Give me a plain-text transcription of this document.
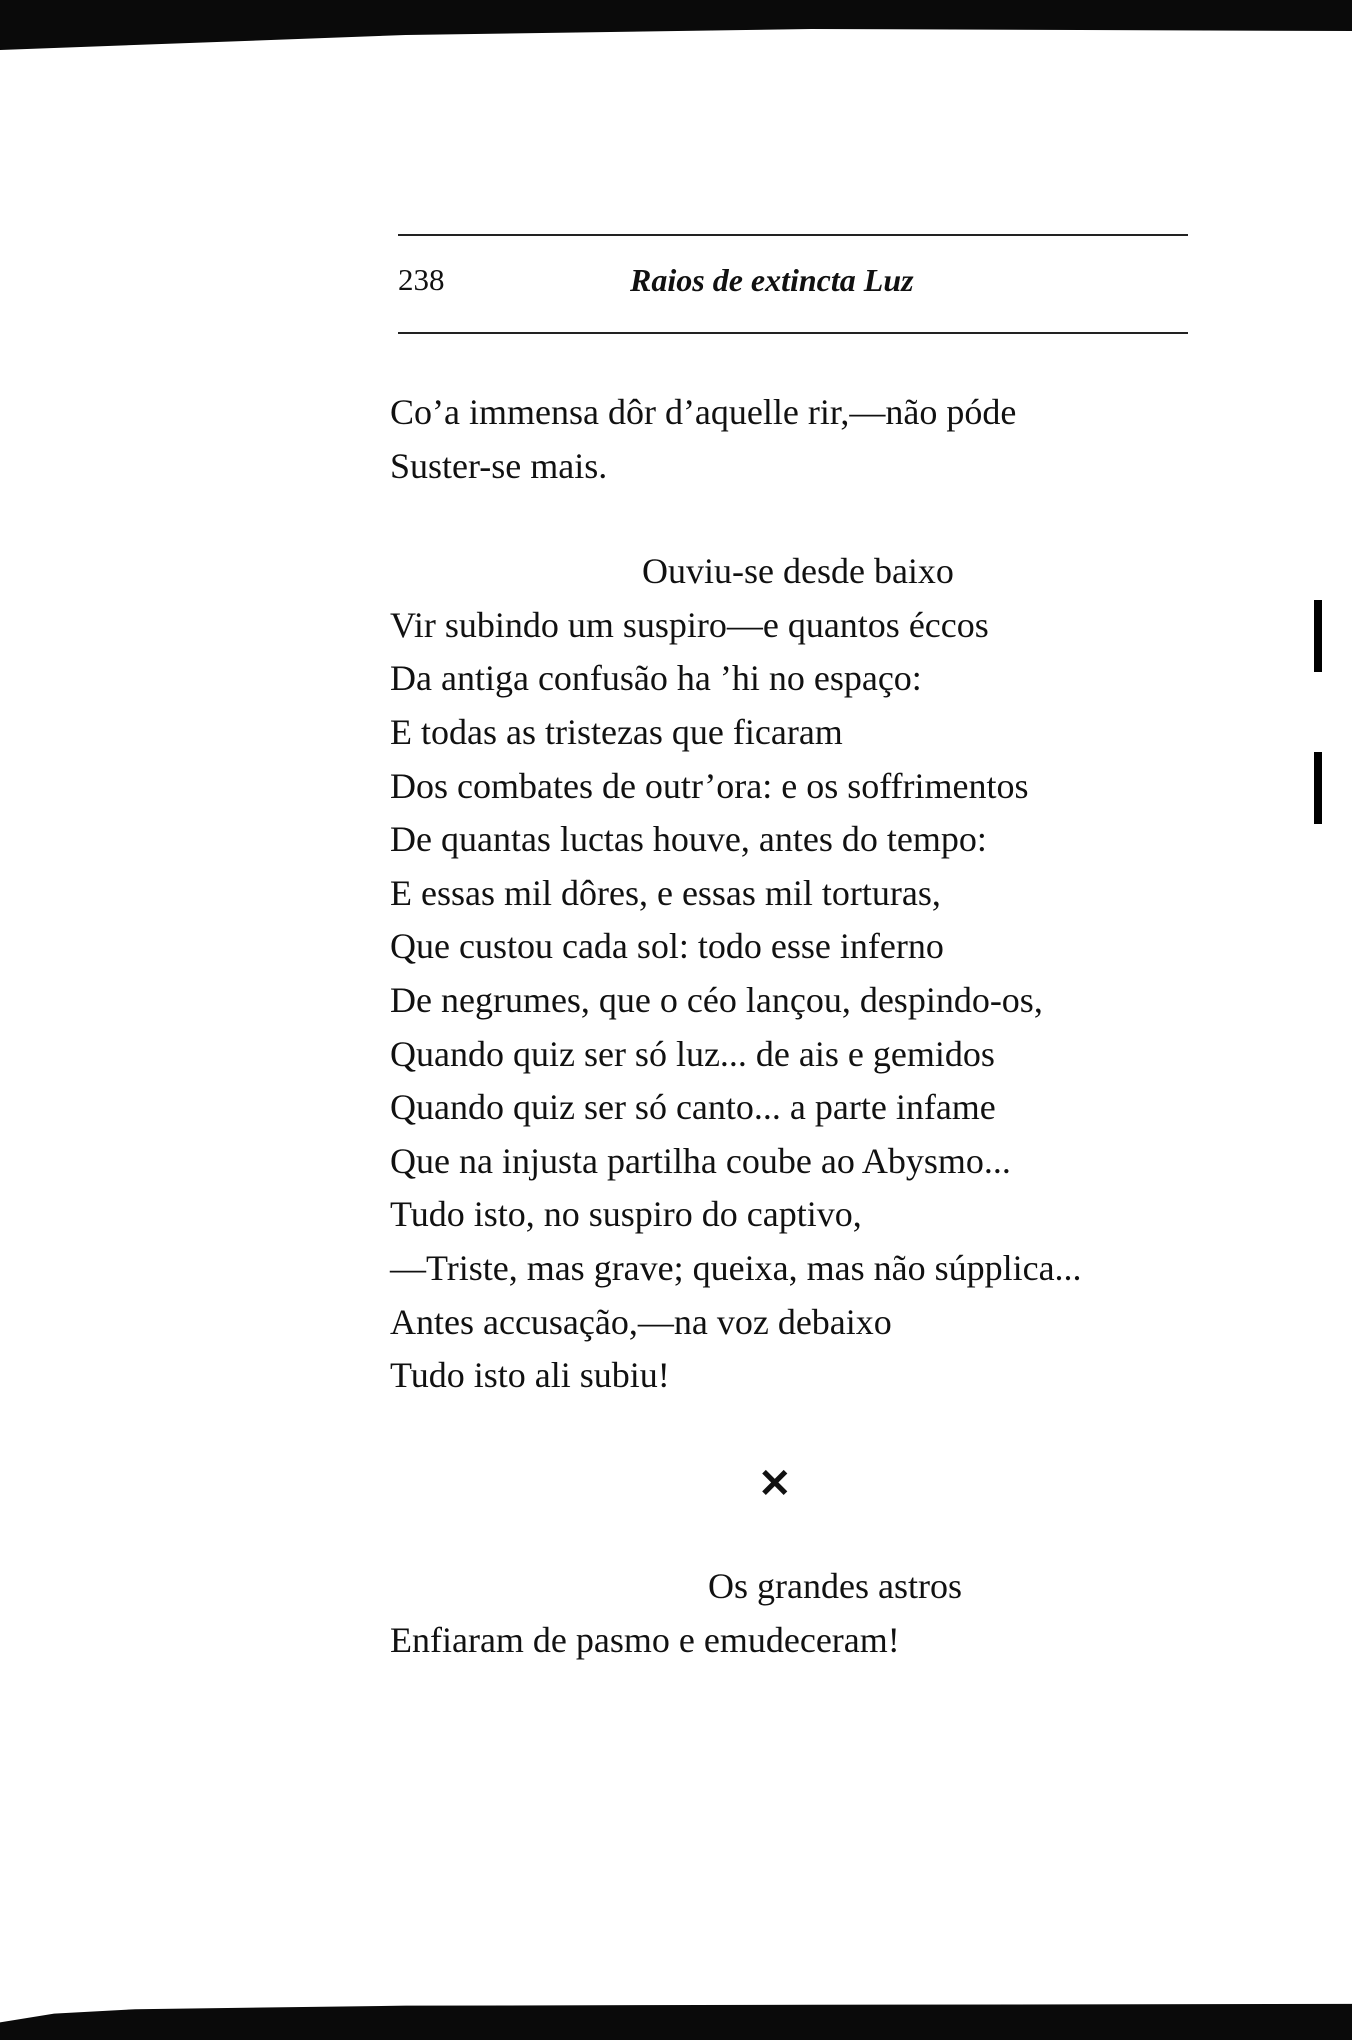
238	Raios de extincta Luz
Co’a immensa dôr d’aquelle rir,—não póde
Suster-se mais.
Ouviu-se desde baixo
Vir subindo um suspiro—e quantos éccos
Da antiga confusão ha ’hi no espaço:
E todas as tristezas que ficaram
Dos combates de outr’ora: e os soffrimentos
De quantas luctas houve, antes do tempo:
E essas mil dôres, e essas mil torturas,
Que custou cada sol: todo esse inferno
De negrumes, que o céo lançou, despindo-os,
Quando quiz ser só luz... de ais e gemidos
Quando quiz ser só canto... a parte infame
Que na injusta partilha coube ao Abysmo...
Tudo isto, no suspiro do captivo,
—Triste, mas grave; queixa, mas não súpplica...
Antes accusação,—na voz debaixo
Tudo isto ali subiu!
✕
Os grandes astros
Enfiaram de pasmo e emudeceram!
